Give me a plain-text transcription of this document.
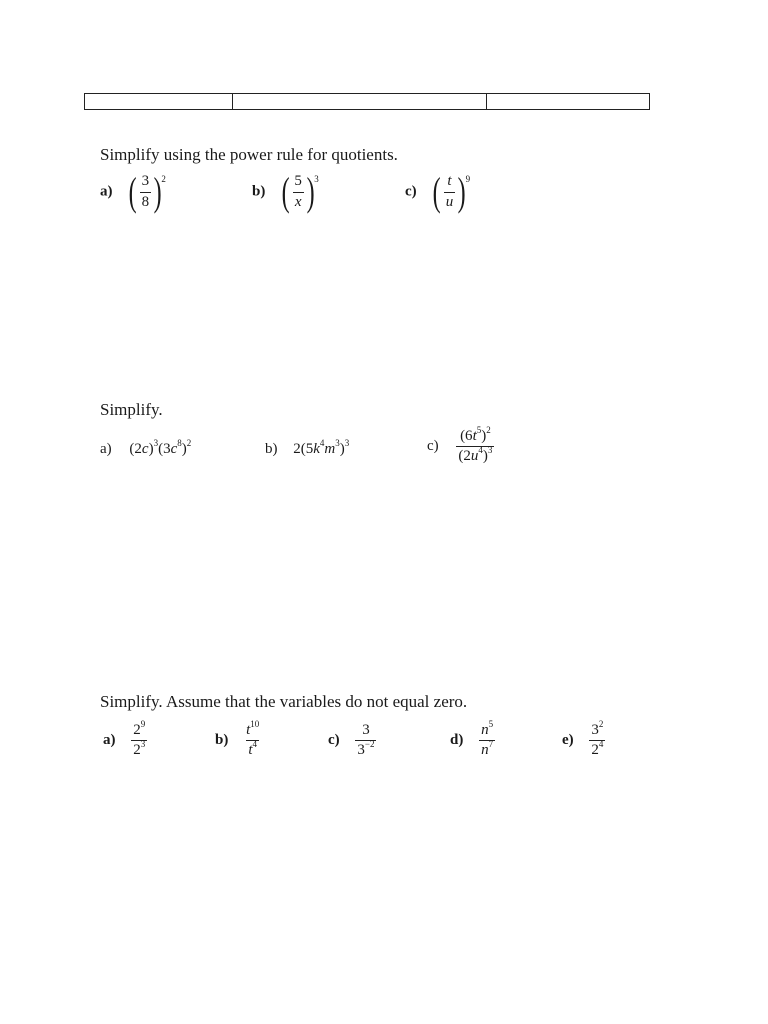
Simplify using the power rule for quotients.
a) ( $\frac{3}{8}$ ) 2
b) ( $\frac{5}{x}$ ) 3
c) ( $\frac{t}{u}$ ) 9
Simplify.
a) $(2c)^3(3c^8)^2$	b) $2(5k^4m^3)^3$	$c) \frac{(6t^5)^2}{(2u^4)^3}$
Simplify. Assume that the variables do not equal zero.
$a) \frac{2^9}{2^3}$	$b) \frac{t^{10}}{t^4}$	$c) \frac{3}{3^{-2}}$	$d) \frac{n^5}{n^7}$	$e) \frac{3^2}{2^4}$
